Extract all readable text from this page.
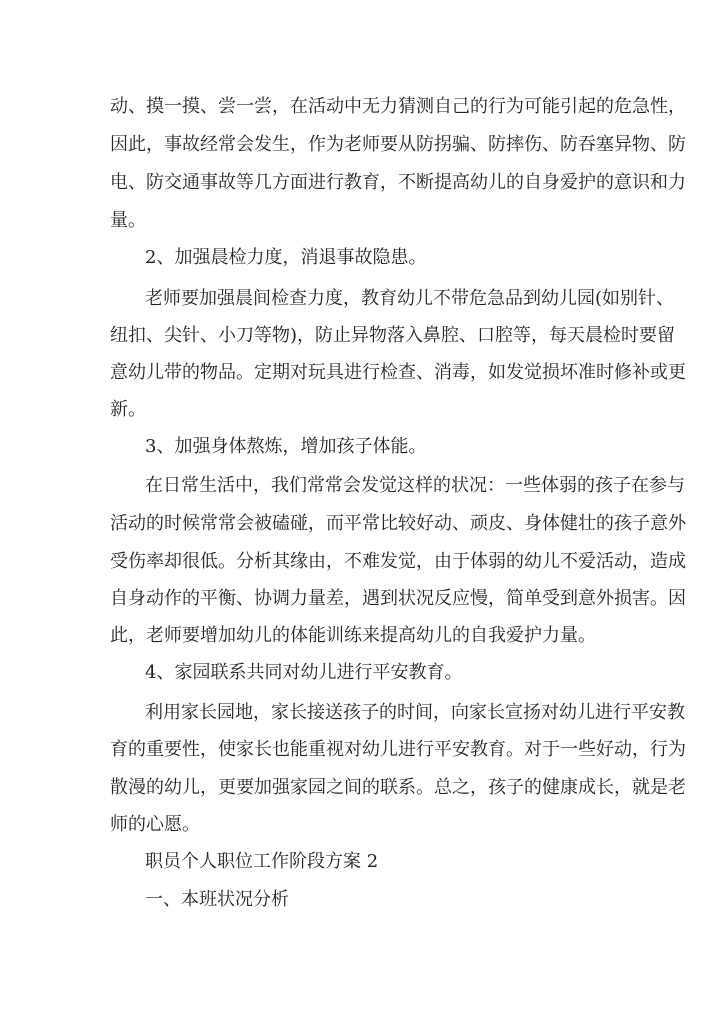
动、摸一摸、尝一尝，在活动中无力猜测自己的行为可能引起的危急性，
因此，事故经常会发生，作为老师要从防拐骗、防摔伤、防吞塞异物、防
电、防交通事故等几方面进行教育，不断提高幼儿的自身爱护的意识和力
量。
2、加强晨检力度，消退事故隐患。
老师要加强晨间检查力度，教育幼儿不带危急品到幼儿园(如别针、
纽扣、尖针、小刀等物)，防止异物落入鼻腔、口腔等，每天晨检时要留
意幼儿带的物品。定期对玩具进行检查、消毒，如发觉损坏准时修补或更
新。
3、加强身体熬炼，增加孩子体能。
在日常生活中，我们常常会发觉这样的状况：一些体弱的孩子在参与
活动的时候常常会被磕碰，而平常比较好动、顽皮、身体健壮的孩子意外
受伤率却很低。分析其缘由，不难发觉，由于体弱的幼儿不爱活动，造成
自身动作的平衡、协调力量差，遇到状况反应慢，简单受到意外损害。因
此，老师要增加幼儿的体能训练来提高幼儿的自我爱护力量。
4、家园联系共同对幼儿进行平安教育。
利用家长园地，家长接送孩子的时间，向家长宣扬对幼儿进行平安教
育的重要性，使家长也能重视对幼儿进行平安教育。对于一些好动，行为
散漫的幼儿，更要加强家园之间的联系。总之，孩子的健康成长，就是老
师的心愿。
职员个人职位工作阶段方案 2
一、本班状况分析
